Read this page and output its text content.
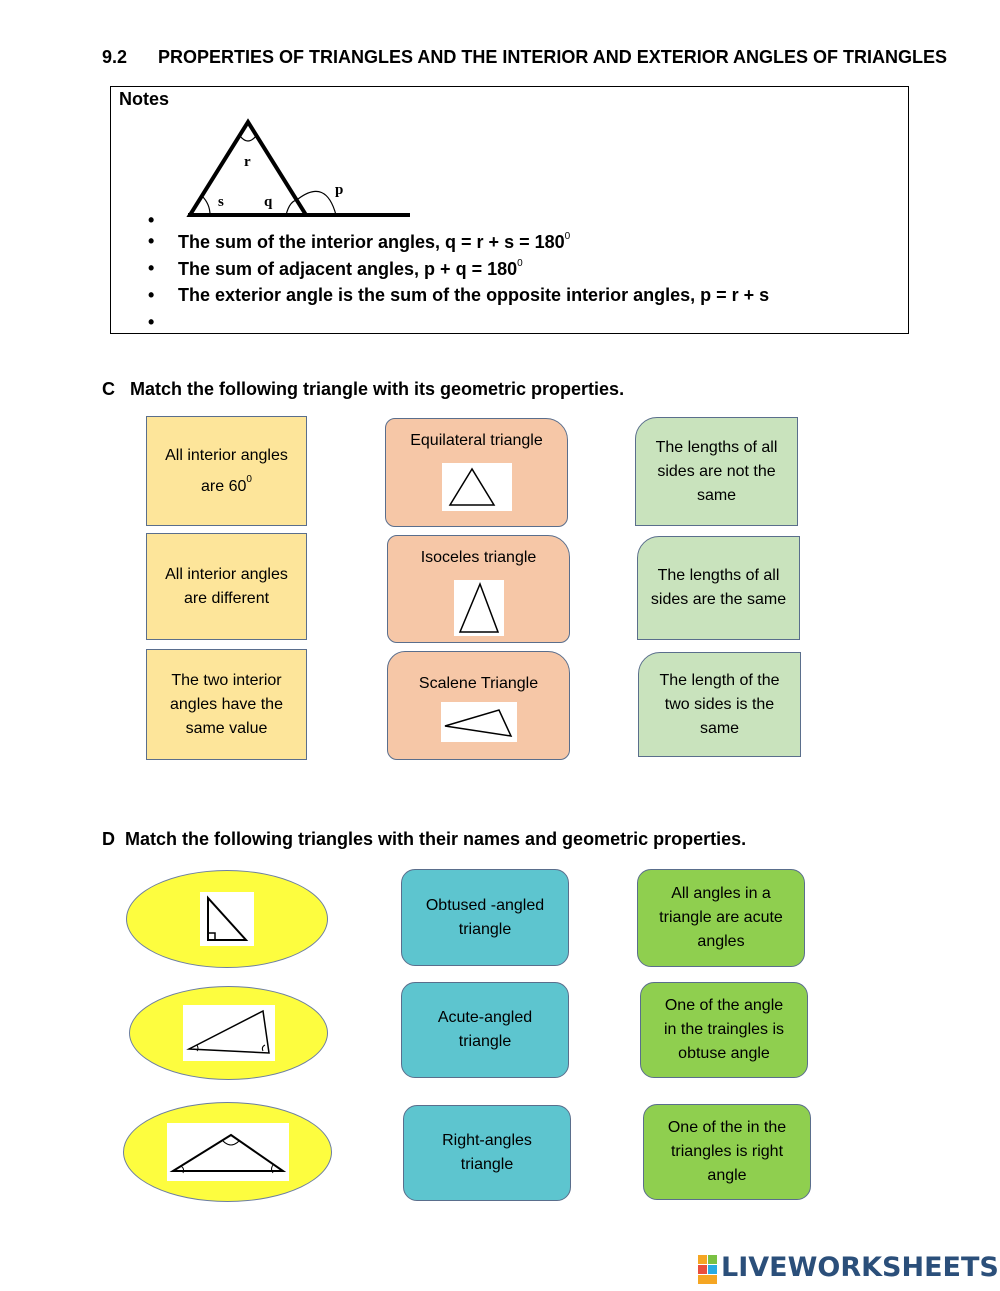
9.2 PROPERTIES OF TRIANGLES AND THE INTERIOR AND EXTERIOR ANGLES OF TRIANGLES
Notes
r
s	q
p
•
• The sum of the interior angles, $q = r + s = 180^0$
• The sum of adjacent angles, $p + q = 180^0$
• The exterior angle is the sum of the opposite interior angles, p = r + s
•
C Match the following triangle with its geometric properties.
All interior angles
are $60^0$
All interior angles
are different
The two interior
angles have the
same value
Equilateral triangle
Isoceles triangle
Scalene Triangle
The lengths of all
sides are not the
same
The lengths of all
sides are the same
The length of the
two sides is the
same
D Match the following triangles with their names and geometric properties.
Obtused -angled
triangle
Acute-angled
triangle
Right-angles
triangle
All angles in a
triangle are acute
angles
One of the angle
in the traingles is
obtuse angle
One of the in the
triangles is right
angle
LIVEWORKSHEETS
